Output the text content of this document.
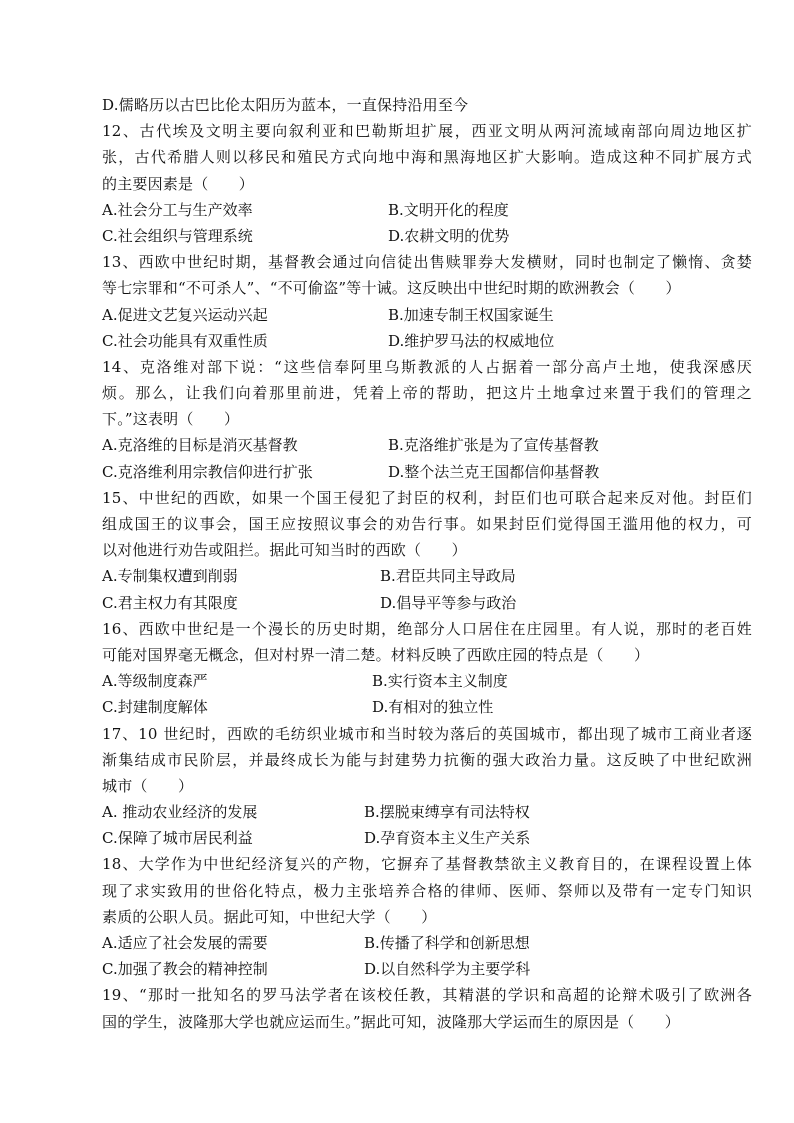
D.儒略历以古巴比伦太阳历为蓝本，一直保持沿用至今
12、古代埃及文明主要向叙利亚和巴勒斯坦扩展，西亚文明从两河流域南部向周边地区扩
张，古代希腊人则以移民和殖民方式向地中海和黑海地区扩大影响。造成这种不同扩展方式
的主要因素是（　　）
A.社会分工与生产效率	B.文明开化的程度
C.社会组织与管理系统	D.农耕文明的优势
13、西欧中世纪时期，基督教会通过向信徒出售赎罪券大发横财，同时也制定了懒惰、贪婪
等七宗罪和“不可杀人”、“不可偷盗”等十诫。这反映出中世纪时期的欧洲教会（　　）
A.促进文艺复兴运动兴起	B.加速专制王权国家诞生
C.社会功能具有双重性质	D.维护罗马法的权威地位
14、克洛维对部下说：“这些信奉阿里乌斯教派的人占据着一部分高卢土地，使我深感厌
烦。那么，让我们向着那里前进，凭着上帝的帮助，把这片土地拿过来置于我们的管理之
下。”这表明（　　）
A.克洛维的目标是消灭基督教	B.克洛维扩张是为了宣传基督教
C.克洛维利用宗教信仰进行扩张	D.整个法兰克王国都信仰基督教
15、中世纪的西欧，如果一个国王侵犯了封臣的权利，封臣们也可联合起来反对他。封臣们
组成国王的议事会，国王应按照议事会的劝告行事。如果封臣们觉得国王滥用他的权力，可
以对他进行劝告或阻拦。据此可知当时的西欧（　　）
A.专制集权遭到削弱	B.君臣共同主导政局
C.君主权力有其限度	D.倡导平等参与政治
16、西欧中世纪是一个漫长的历史时期，绝部分人口居住在庄园里。有人说，那时的老百姓
可能对国界毫无概念，但对村界一清二楚。材料反映了西欧庄园的特点是（　　）
A.等级制度森严	B.实行资本主义制度
C.封建制度解体	D.有相对的独立性
17、10 世纪时，西欧的毛纺织业城市和当时较为落后的英国城市，都出现了城市工商业者逐
渐集结成市民阶层，并最终成长为能与封建势力抗衡的强大政治力量。这反映了中世纪欧洲
城市（　　）
A. 推动农业经济的发展	B.摆脱束缚享有司法特权
C.保障了城市居民利益	D.孕育资本主义生产关系
18、大学作为中世纪经济复兴的产物，它摒弃了基督教禁欲主义教育目的，在课程设置上体
现了求实致用的世俗化特点，极力主张培养合格的律师、医师、祭师以及带有一定专门知识
素质的公职人员。据此可知，中世纪大学（　　）
A.适应了社会发展的需要	B.传播了科学和创新思想
C.加强了教会的精神控制	D.以自然科学为主要学科
19、“那时一批知名的罗马法学者在该校任教，其精湛的学识和高超的论辩术吸引了欧洲各
国的学生，波隆那大学也就应运而生。”据此可知，波隆那大学运而生的原因是（　　）
